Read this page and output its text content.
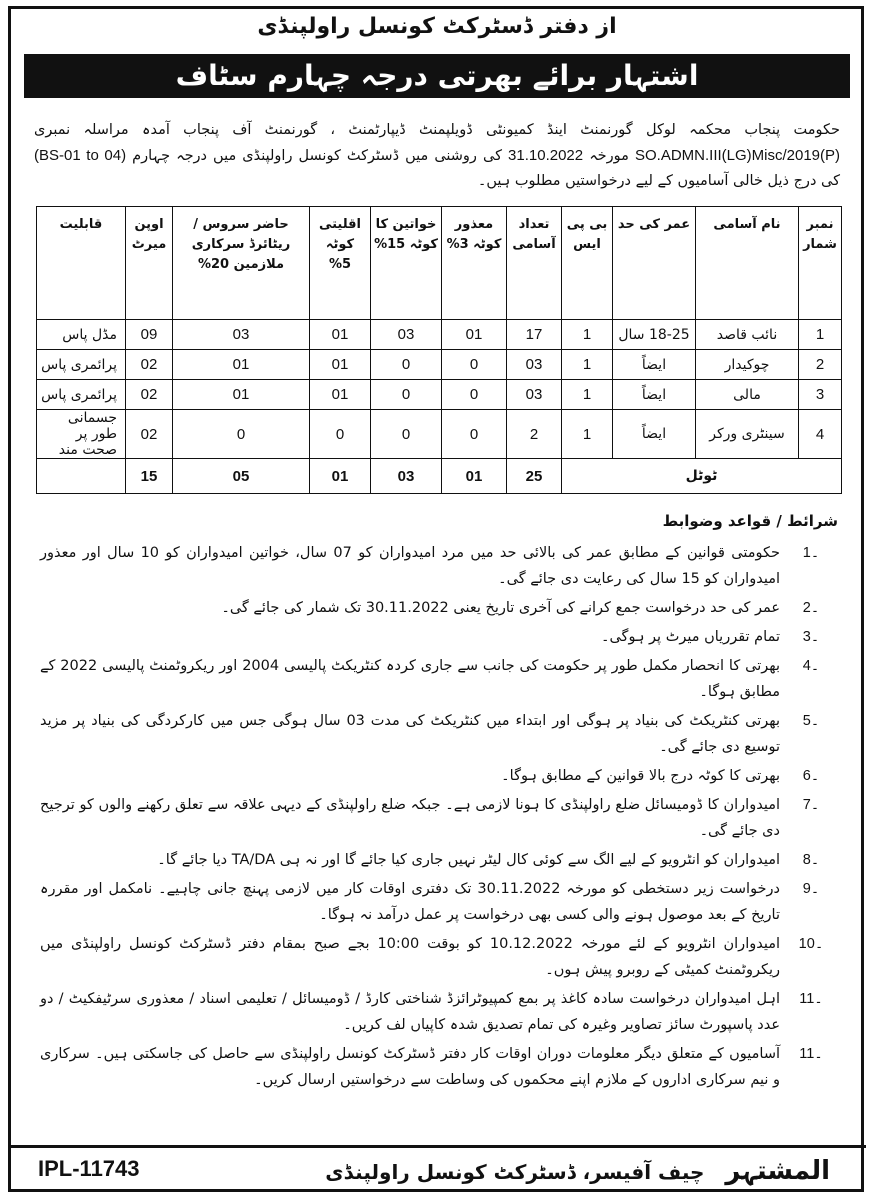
از دفتر ڈسٹرکٹ کونسل راولپنڈی
اشتہار برائے بھرتی درجہ چہارم سٹاف
حکومت پنجاب محکمہ لوکل گورنمنٹ اینڈ کمیونٹی ڈویلپمنٹ ڈیپارٹمنٹ ، گورنمنٹ آف پنجاب آمدہ مراسلہ نمبری SO.ADMN.III(LG)Misc/2019(P) مورخہ 31.10.2022 کی روشنی میں ڈسٹرکٹ کونسل راولپنڈی میں درجہ چہارم (BS-01 to 04) کی درج ذیل خالی آسامیوں کے لیے درخواستیں مطلوب ہیں۔
نمبر شمار	نام آسامی	عمر کی حد	بی پی ایس	تعداد آسامی	معذور کوٹہ 3%	خواتین کا کوٹہ 15%	اقلیتی کوٹہ 5%	حاضر سروس / ریٹائرڈ سرکاری ملازمین 20%	اوپن میرٹ	قابلیت
1	نائب قاصد	18-25 سال	1	17	01	03	01	03	09	مڈل پاس
2	چوکیدار	ایضاً	1	03	0	0	01	01	02	پرائمری پاس
3	مالی	ایضاً	1	03	0	0	01	01	02	پرائمری پاس
4	سینٹری ورکر	ایضاً	1	2	0	0	0	0	02	جسمانی طور پر صحت مند
ٹوٹل				25	01	03	01	05	15	
شرائط / قواعد وضوابط
۔1
حکومتی قوانین کے مطابق عمر کی بالائی حد میں مرد امیدواران کو 07 سال، خواتین امیدواران کو 10 سال اور معذور امیدواران کو 15 سال کی رعایت دی جائے گی۔
۔2
عمر کی حد درخواست جمع کرانے کی آخری تاریخ یعنی 30.11.2022 تک شمار کی جائے گی۔
۔3
تمام تقرریاں میرٹ پر ہوگی۔
۔4
بھرتی کا انحصار مکمل طور پر حکومت کی جانب سے جاری کردہ کنٹریکٹ پالیسی 2004 اور ریکروٹمنٹ پالیسی 2022 کے مطابق ہوگا۔
۔5
بھرتی کنٹریکٹ کی بنیاد پر ہوگی اور ابتداء میں کنٹریکٹ کی مدت 03 سال ہوگی جس میں کارکردگی کی بنیاد پر مزید توسیع دی جائے گی۔
۔6
بھرتی کا کوٹہ درج بالا قوانین کے مطابق ہوگا۔
۔7
امیدواران کا ڈومیسائل ضلع راولپنڈی کا ہونا لازمی ہے۔ جبکہ ضلع راولپنڈی کے دیہی علاقہ سے تعلق رکھنے والوں کو ترجیح دی جائے گی۔
۔8
امیدواران کو انٹرویو کے لیے الگ سے کوئی کال لیٹر نہیں جاری کیا جائے گا اور نہ ہی TA/DA دیا جائے گا۔
۔9
درخواست زیر دستخطی کو مورخہ 30.11.2022 تک دفتری اوقات کار میں لازمی پہنچ جانی چاہیے۔ نامکمل اور مقررہ تاریخ کے بعد موصول ہونے والی کسی بھی درخواست پر عمل درآمد نہ ہوگا۔
۔10
امیدواران انٹرویو کے لئے مورخہ 10.12.2022 کو بوقت 10:00 بجے صبح بمقام دفتر ڈسٹرکٹ کونسل راولپنڈی میں ریکروٹمنٹ کمیٹی کے روبرو پیش ہوں۔
۔11
اہل امیدواران درخواست سادہ کاغذ پر بمع کمپیوٹرائزڈ شناختی کارڈ / ڈومیسائل / تعلیمی اسناد / معذوری سرٹیفکیٹ / دو عدد پاسپورٹ سائز تصاویر وغیرہ کی تمام تصدیق شدہ کاپیاں لف کریں۔
۔11
آسامیوں کے متعلق دیگر معلومات دوران اوقات کار دفتر ڈسٹرکٹ کونسل راولپنڈی سے حاصل کی جاسکتی ہیں۔ سرکاری و نیم سرکاری اداروں کے ملازم اپنے محکموں کی وساطت سے درخواستیں ارسال کریں۔
IPL-11743	المشتہر چیف آفیسر، ڈسٹرکٹ کونسل راولپنڈی
